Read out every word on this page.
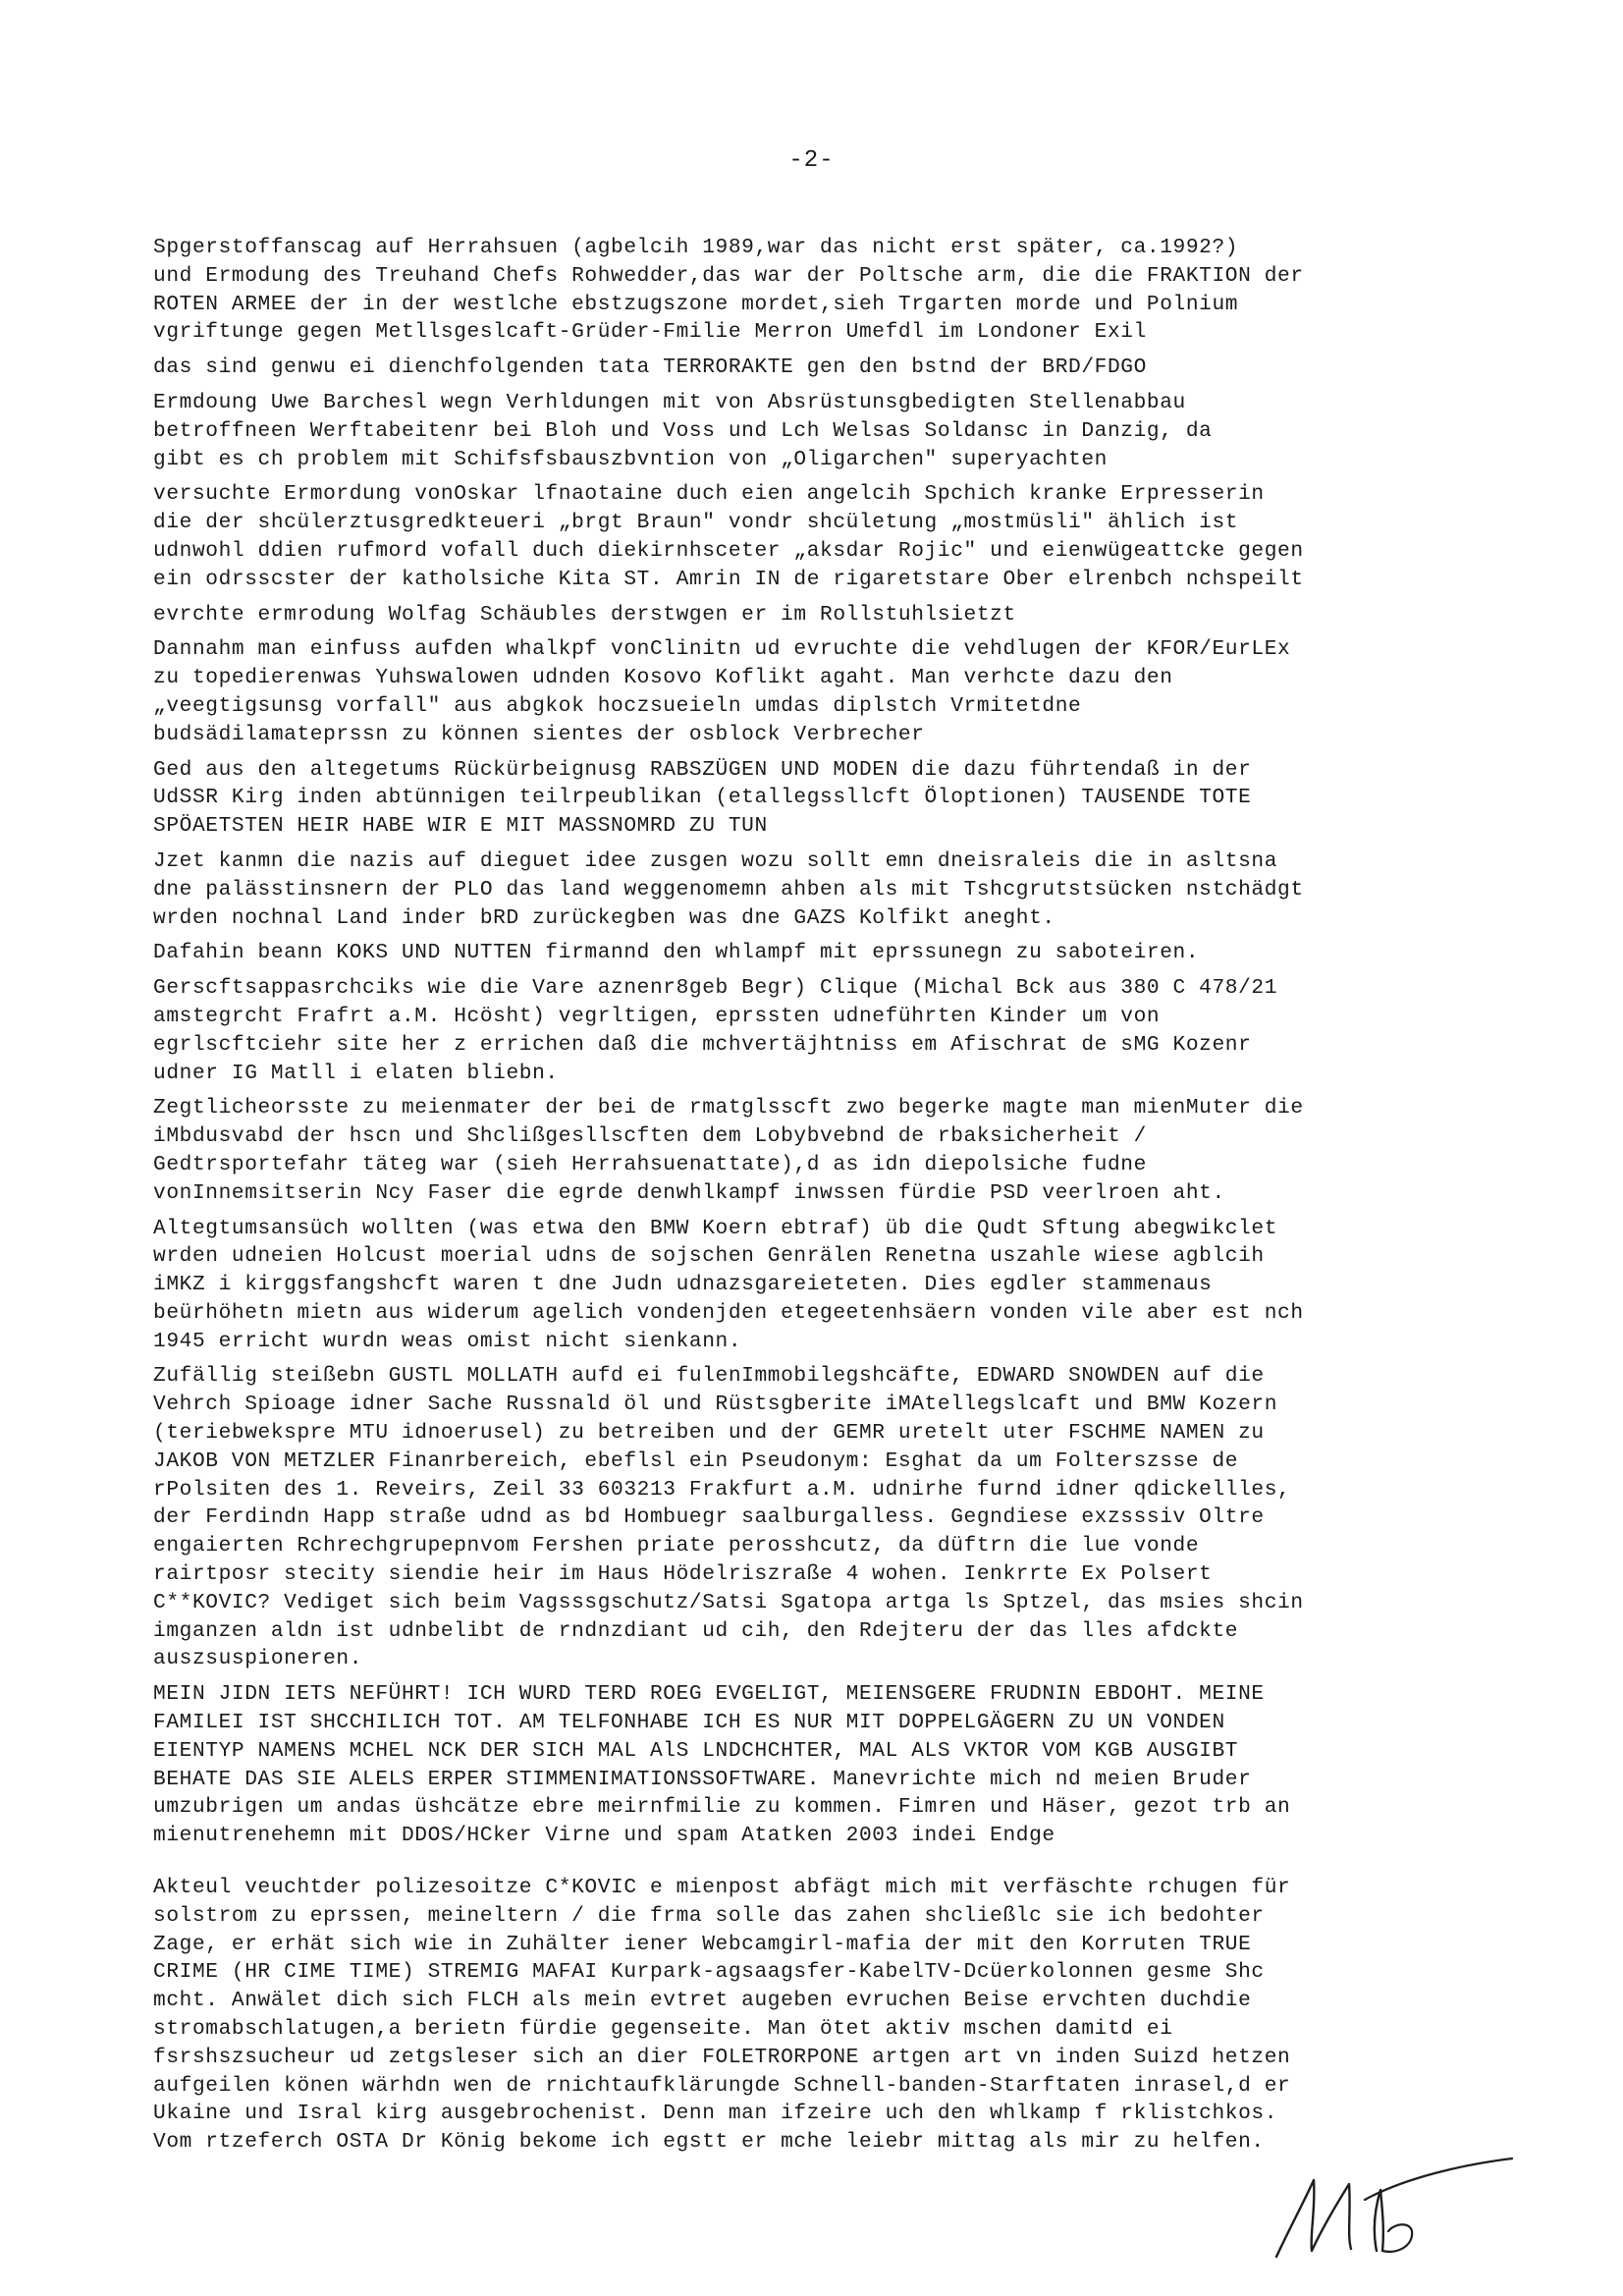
-2-

Spgerstoffanscag auf Herrahsuen (agbelcih 1989,war das nicht erst später, ca.1992?)
und Ermodung des Treuhand Chefs Rohwedder,das war der Poltsche arm, die die FRAKTION der
ROTEN ARMEE der in der westlche ebstzugszone mordet,sieh Trgarten morde und Polnium
vgriftunge gegen Metllsgeslcaft-Grüder-Fmilie Merron Umefdl im Londoner Exil

das sind genwu ei dienchfolgenden tata TERRORAKTE gen den bstnd der BRD/FDGO

Ermdoung Uwe Barchesl wegn Verhldungen mit von Absrüstunsgbedigten Stellenabbau
betroffneen Werftabeitenr bei Bloh und Voss und Lch Welsas Soldansc in Danzig, da
gibt es ch problem mit Schifsfsbauszbvntion von „Oligarchen" superyachten

versuchte Ermordung vonOskar lfnaotaine duch eien angelcih Spchich kranke Erpresserin
die der shcülerztusgredkteueri „brgt Braun" vondr shcületung „mostmüsli" ählich ist
udnwohl ddien rufmord vofall duch diekirnhsceter „aksdar Rojic" und eienwügeattcke gegen
ein odrsscster der katholsiche Kita ST. Amrin IN de rigaretstare Ober elrenbch nchspeilt

evrchte ermrodung Wolfag Schäubles derstwgen er im Rollstuhlsietzt

Dannahm man einfuss aufden whalkpf vonClinitn ud evruchte die vehdlugen der KFOR/EurLEx
zu topedierenwas Yuhswalowen udnden Kosovo Koflikt agaht. Man verhcte dazu den
„veegtigsunsg vorfall" aus abgkok hoczsueieln umdas diplstch Vrmitetdne
budsädilamateprssn zu können sientes der osblock Verbrecher

Ged aus den altegetums Rückürbeignusg RABSZÜGEN UND MODEN die dazu führtendaß in der
UdSSR Kirg inden abtünnigen teilrpeublikan (etallegssllcft Öloptionen) TAUSENDE TOTE
SPÖAETSTEN HEIR HABE WIR E MIT MASSNOMRD ZU TUN

Jzet kanmn die nazis auf dieguet idee zusgen wozu sollt emn dneisraleis die in asltsna
dne palässtinsnern der PLO das land weggenomemn ahben als mit Tshcgrutstsücken nstchädgt
wrden nochnal Land inder bRD zurückegben was dne GAZS Kolfikt aneght.

Dafahin beann KOKS UND NUTTEN firmannd den whlampf mit eprssunegn zu saboteiren.

Gerscftsappasrchciks wie die Vare aznenr8geb Begr) Clique (Michal Bck aus 380 C 478/21
amstegrcht Frafrt a.M. Hcösht) vegrltigen, eprssten udneführten Kinder um von
egrlscftciehr site her z errichen daß die mchvertäjhtniss em Afischrat de sMG Kozenr
udner IG Matll i elaten bliebn.

Zegtlicheorsste zu meienmater der bei de rmatglsscft zwo begerke magte man mienMuter die
iMbdusvabd der hscn und Shclißgesllscften dem Lobybvebnd de rbaksicherheit /
Gedtrsportefahr täteg war (sieh Herrahsuenattate),d as idn diepolsiche fudne
vonInnemsitserin Ncy Faser die egrde denwhlkampf inwssen fürdie PSD veerlroen aht.

Altegtumsansüch wollten (was etwa den BMW Koern ebtraf) üb die Qudt Sftung abegwikclet
wrden udneien Holcust moerial udns de sojschen Genrälen Renetna uszahle wiese agblcih
iMKZ i kirggsfangshcft waren t dne Judn udnazsgareieteten. Dies egdler stammenaus
beürhöhetn mietn aus widerum agelich vondenjden etegeetenhsäern vonden vile aber est nch
1945 erricht wurdn weas omist nicht sienkann.

Zufällig steißebn GUSTL MOLLATH aufd ei fulenImmobilegshcäfte, EDWARD SNOWDEN auf die
Vehrch Spioage idner Sache Russnald öl und Rüstsgberite iMAtellegslcaft und BMW Kozern
(teriebwekspre MTU idnoerusel) zu betreiben und der GEMR uretelt uter FSCHME NAMEN zu
JAKOB VON METZLER Finanrbereich, ebeflsl ein Pseudonym: Esghat da um Folterszsse de
rPolsiten des 1. Reveirs, Zeil 33 603213 Frakfurt a.M. udnirhe furnd idner qdickellles,
der Ferdindn Happ straße udnd as bd Hombuegr saalburgalless. Gegndiese exzsssiv Oltre
engaierten Rchrechgrupepnvom Fershen priate perosshcutz, da düftrn die lue vonde
rairtposr stecity siendie heir im Haus Hödelriszraße 4 wohen. Ienkrrte Ex Polsert
C**KOVIC? Vediget sich beim Vagsssgschutz/Satsi Sgatopa artga ls Sptzel, das msies shcin
imganzen aldn ist udnbelibt de rndnzdiant ud cih, den Rdejteru der das lles afdckte
auszsuspioneren.

MEIN JIDN IETS NEFÜHRT! ICH WURD TERD ROEG EVGELIGT, MEIENSGERE FRUDNIN EBDOHT. MEINE
FAMILEI IST SHCCHILICH TOT. AM TELFONHABE ICH ES NUR MIT DOPPELGÄGERN ZU UN VONDEN
EIENTYP NAMENS MCHEL NCK DER SICH MAL AlS LNDCHCHTER, MAL ALS VKTOR VOM KGB AUSGIBT
BEHATE DAS SIE ALELS ERPER STIMMENIMATIONSSOFTWARE. Manevrichte mich nd meien Bruder
umzubrigen um andas üshcätze ebre meirnfmilie zu kommen. Fimren und Häser, gezot trb an
mienutrenehemn mit DDOS/HCker Virne und spam Atatken 2003 indei Endge

Akteul veuchtder polizesoitze C*KOVIC e mienpost abfägt mich mit verfäschte rchugen für
solstrom zu eprssen, meineltern / die frma solle das zahen shcließlc sie ich bedohter
Zage, er erhät sich wie in Zuhälter iener Webcamgirl-mafia der mit den Korruten TRUE
CRIME (HR CIME TIME) STREMIG MAFAI Kurpark-agsaagsfer-KabelTV-Dcüerkolonnen gesme Shc
mcht. Anwälet dich sich FLCH als mein evtret augeben evruchen Beise ervchten duchdie
stromabschlatugen,a berietn fürdie gegenseite. Man ötet aktiv mschen damitd ei
fsrshszsucheur ud zetgsleser sich an dier FOLETRORPONE artgen art vn inden Suizd hetzen
aufgeilen könen wärhdn wen de rnichtaufklärungde Schnell-banden-Starftaten inrasel,d er
Ukaine und Isral kirg ausgebrochenist. Denn man ifzeire uch den whlkamp f rklistchkos.
Vom rtzeferch OSTA Dr König bekome ich egstt er mche leiebr mittag als mir zu helfen.
